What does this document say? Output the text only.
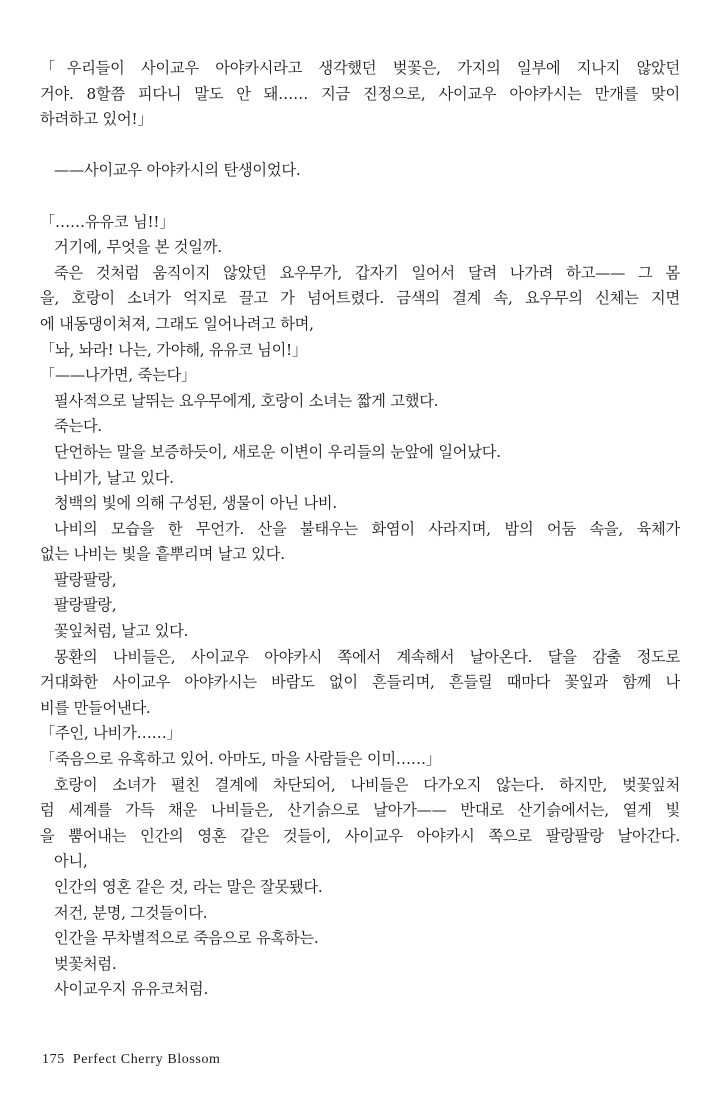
「우리들이 사이교우 아야카시라고 생각했던 벚꽃은, 가지의 일부에 지나지 않았던
거야. 8할쯤 피다니 말도 안 돼…… 지금 진정으로, 사이교우 아야카시는 만개를 맞이
하려하고 있어!」
——사이교우 아야카시의 탄생이었다.
「……유유코 님!!」
거기에, 무엇을 본 것일까.
죽은 것처럼 움직이지 않았던 요우무가, 갑자기 일어서 달려 나가려 하고—— 그 몸
을, 호랑이 소녀가 억지로 끌고 가 넘어트렸다. 금색의 결계 속, 요우무의 신체는 지면
에 내동댕이쳐져, 그래도 일어나려고 하며,
「놔, 놔라! 나는, 가야해, 유유코 님이!」
「——나가면, 죽는다」
필사적으로 날뛰는 요우무에게, 호랑이 소녀는 짧게 고했다.
죽는다.
단언하는 말을 보증하듯이, 새로운 이변이 우리들의 눈앞에 일어났다.
나비가, 날고 있다.
청백의 빛에 의해 구성된, 생물이 아닌 나비.
나비의 모습을 한 무언가. 산을 불태우는 화염이 사라지며, 밤의 어둠 속을, 육체가
없는 나비는 빛을 흩뿌리며 날고 있다.
팔랑팔랑,
팔랑팔랑,
꽃잎처럼, 날고 있다.
몽환의 나비들은, 사이교우 아야카시 쪽에서 계속해서 날아온다. 달을 감출 정도로
거대화한 사이교우 아야카시는 바람도 없이 흔들리며, 흔들릴 때마다 꽃잎과 함께 나
비를 만들어낸다.
「주인, 나비가……」
「죽음으로 유혹하고 있어. 아마도, 마을 사람들은 이미……」
호랑이 소녀가 펼친 결계에 차단되어, 나비들은 다가오지 않는다. 하지만, 벚꽃잎처
럼 세계를 가득 채운 나비들은, 산기슭으로 날아가—— 반대로 산기슭에서는, 옅게 빛
을 뿜어내는 인간의 영혼 같은 것들이, 사이교우 아야카시 쪽으로 팔랑팔랑 날아간다.
아니,
인간의 영혼 같은 것, 라는 말은 잘못됐다.
저건, 분명, 그것들이다.
인간을 무차별적으로 죽음으로 유혹하는.
벚꽃처럼.
사이교우지 유유코처럼.
175 Perfect Cherry Blossom
